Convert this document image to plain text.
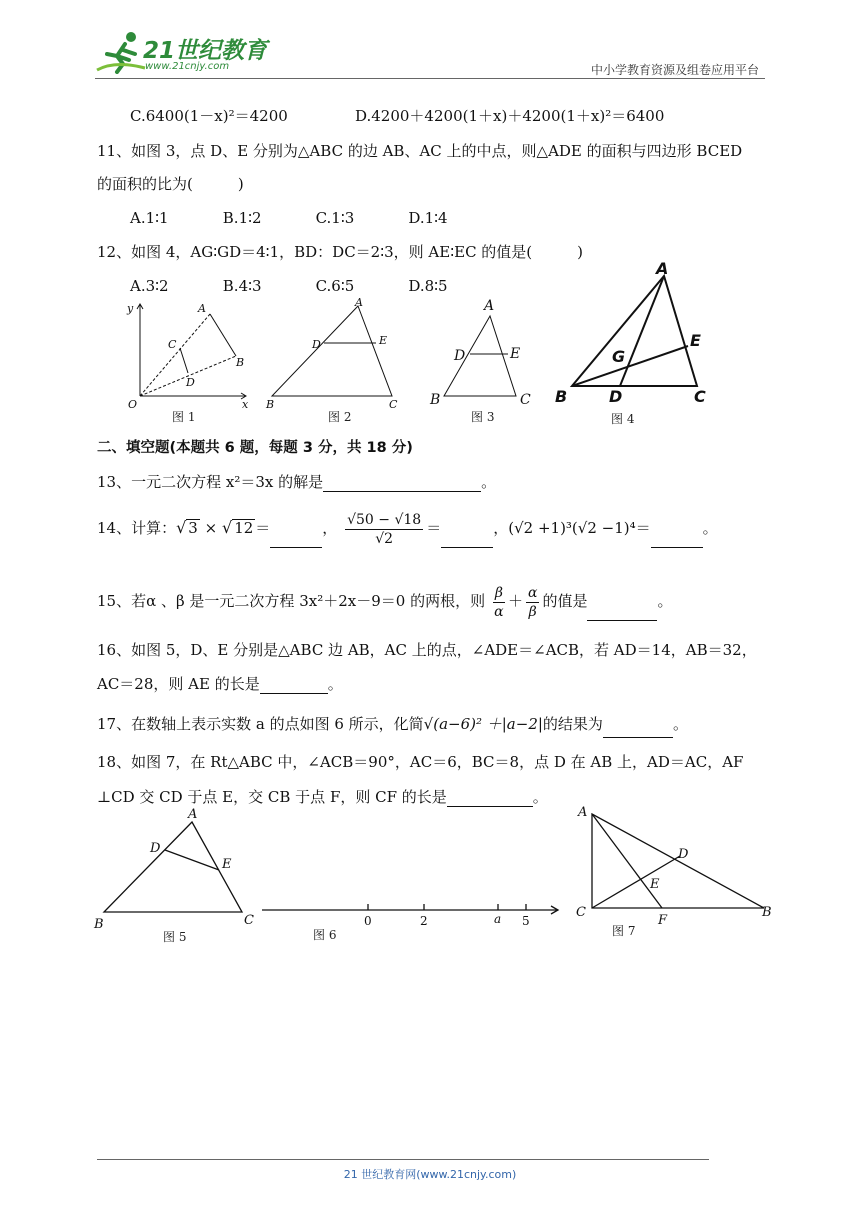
21世纪教育
www.21cnjy.com	中小学教育资源及组卷应用平台
C.6400(1－x)²＝4200	D.4200＋4200(1＋x)＋4200(1＋x)²＝6400
11、如图 3，点 D、E 分别为△ABC 的边 AB、AC 上的中点，则△ADE 的面积与四边形 BCED
的面积的比为(　　　)
A.1∶1	B.1∶2	C.1∶3	D.1∶4
12、如图 4，AG∶GD＝4∶1，BD：DC＝2∶3，则 AE∶EC 的值是(　　　)
A.3∶2	B.4∶3	C.6∶5	D.8∶5
y
x
O
A
B
C
D
图 1
A
B	C
D	E
图 2
A
B	C
D	E
图 3
A
B	C
D
E
G
图 4
二、填空题(本题共 6 题，每题 3 分，共 18 分)
13、一元二次方程 x²＝3x 的解是	。
14、计算：√ 3 × √ 12 ＝	， $\frac{√50 - √18}{√2}$ ＝	，(√2 +1)³(√2 −1)⁴＝	。
15、若α 、β 是一元二次方程 3x²＋2x－9＝0 的两根，则 $\frac{\beta}{\alpha} + \frac{\alpha}{\beta}$ 的值是	。
16、如图 5，D、E 分别是△ABC 边 AB，AC 上的点，∠ADE＝∠ACB，若 AD＝14，AB＝32，
AC＝28，则 AE 的长是	。
17、在数轴上表示实数 a 的点如图 6 所示，化简√(a−6)² ＋|a−2|的结果为	。
18、如图 7，在 Rt△ABC 中，∠ACB＝90°，AC＝6，BC＝8，点 D 在 AB 上，AD＝AC，AF
⊥CD 交 CD 于点 E，交 CB 于点 F，则 CF 的长是	。
A
B	C
D
E
图 5
0	2	a 5
图 6
A
C	B
D
E
F
图 7
21 世纪教育网(www.21cnjy.com)
